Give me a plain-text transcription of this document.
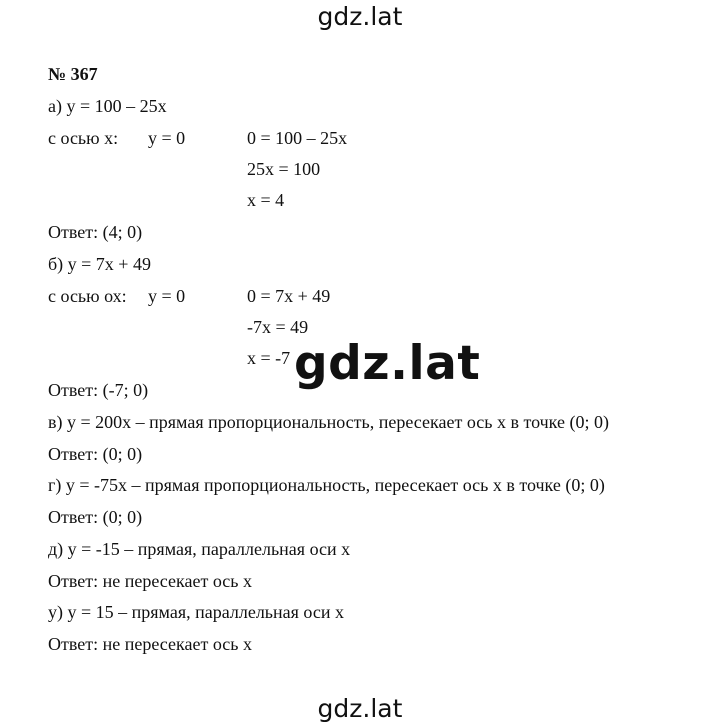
gdz.lat
№ 367
а) у = 100 – 25х
с осью х: у = 0	0 = 100 – 25х
25х = 100
х = 4
Ответ: (4; 0)
б) у = 7х + 49
с осью ох: у = 0	0 = 7х + 49
-7х = 49
х = -7
Ответ: (-7; 0)
в) у = 200х – прямая пропорциональность, пересекает ось х в точке (0; 0)
Ответ: (0; 0)
г) у = -75х – прямая пропорциональность, пересекает ось х в точке (0; 0)
Ответ: (0; 0)
д) у = -15 – прямая, параллельная оси х
Ответ: не пересекает ось х
у) у = 15 – прямая, параллельная оси х
Ответ: не пересекает ось х
gdz.lat
gdz.lat
